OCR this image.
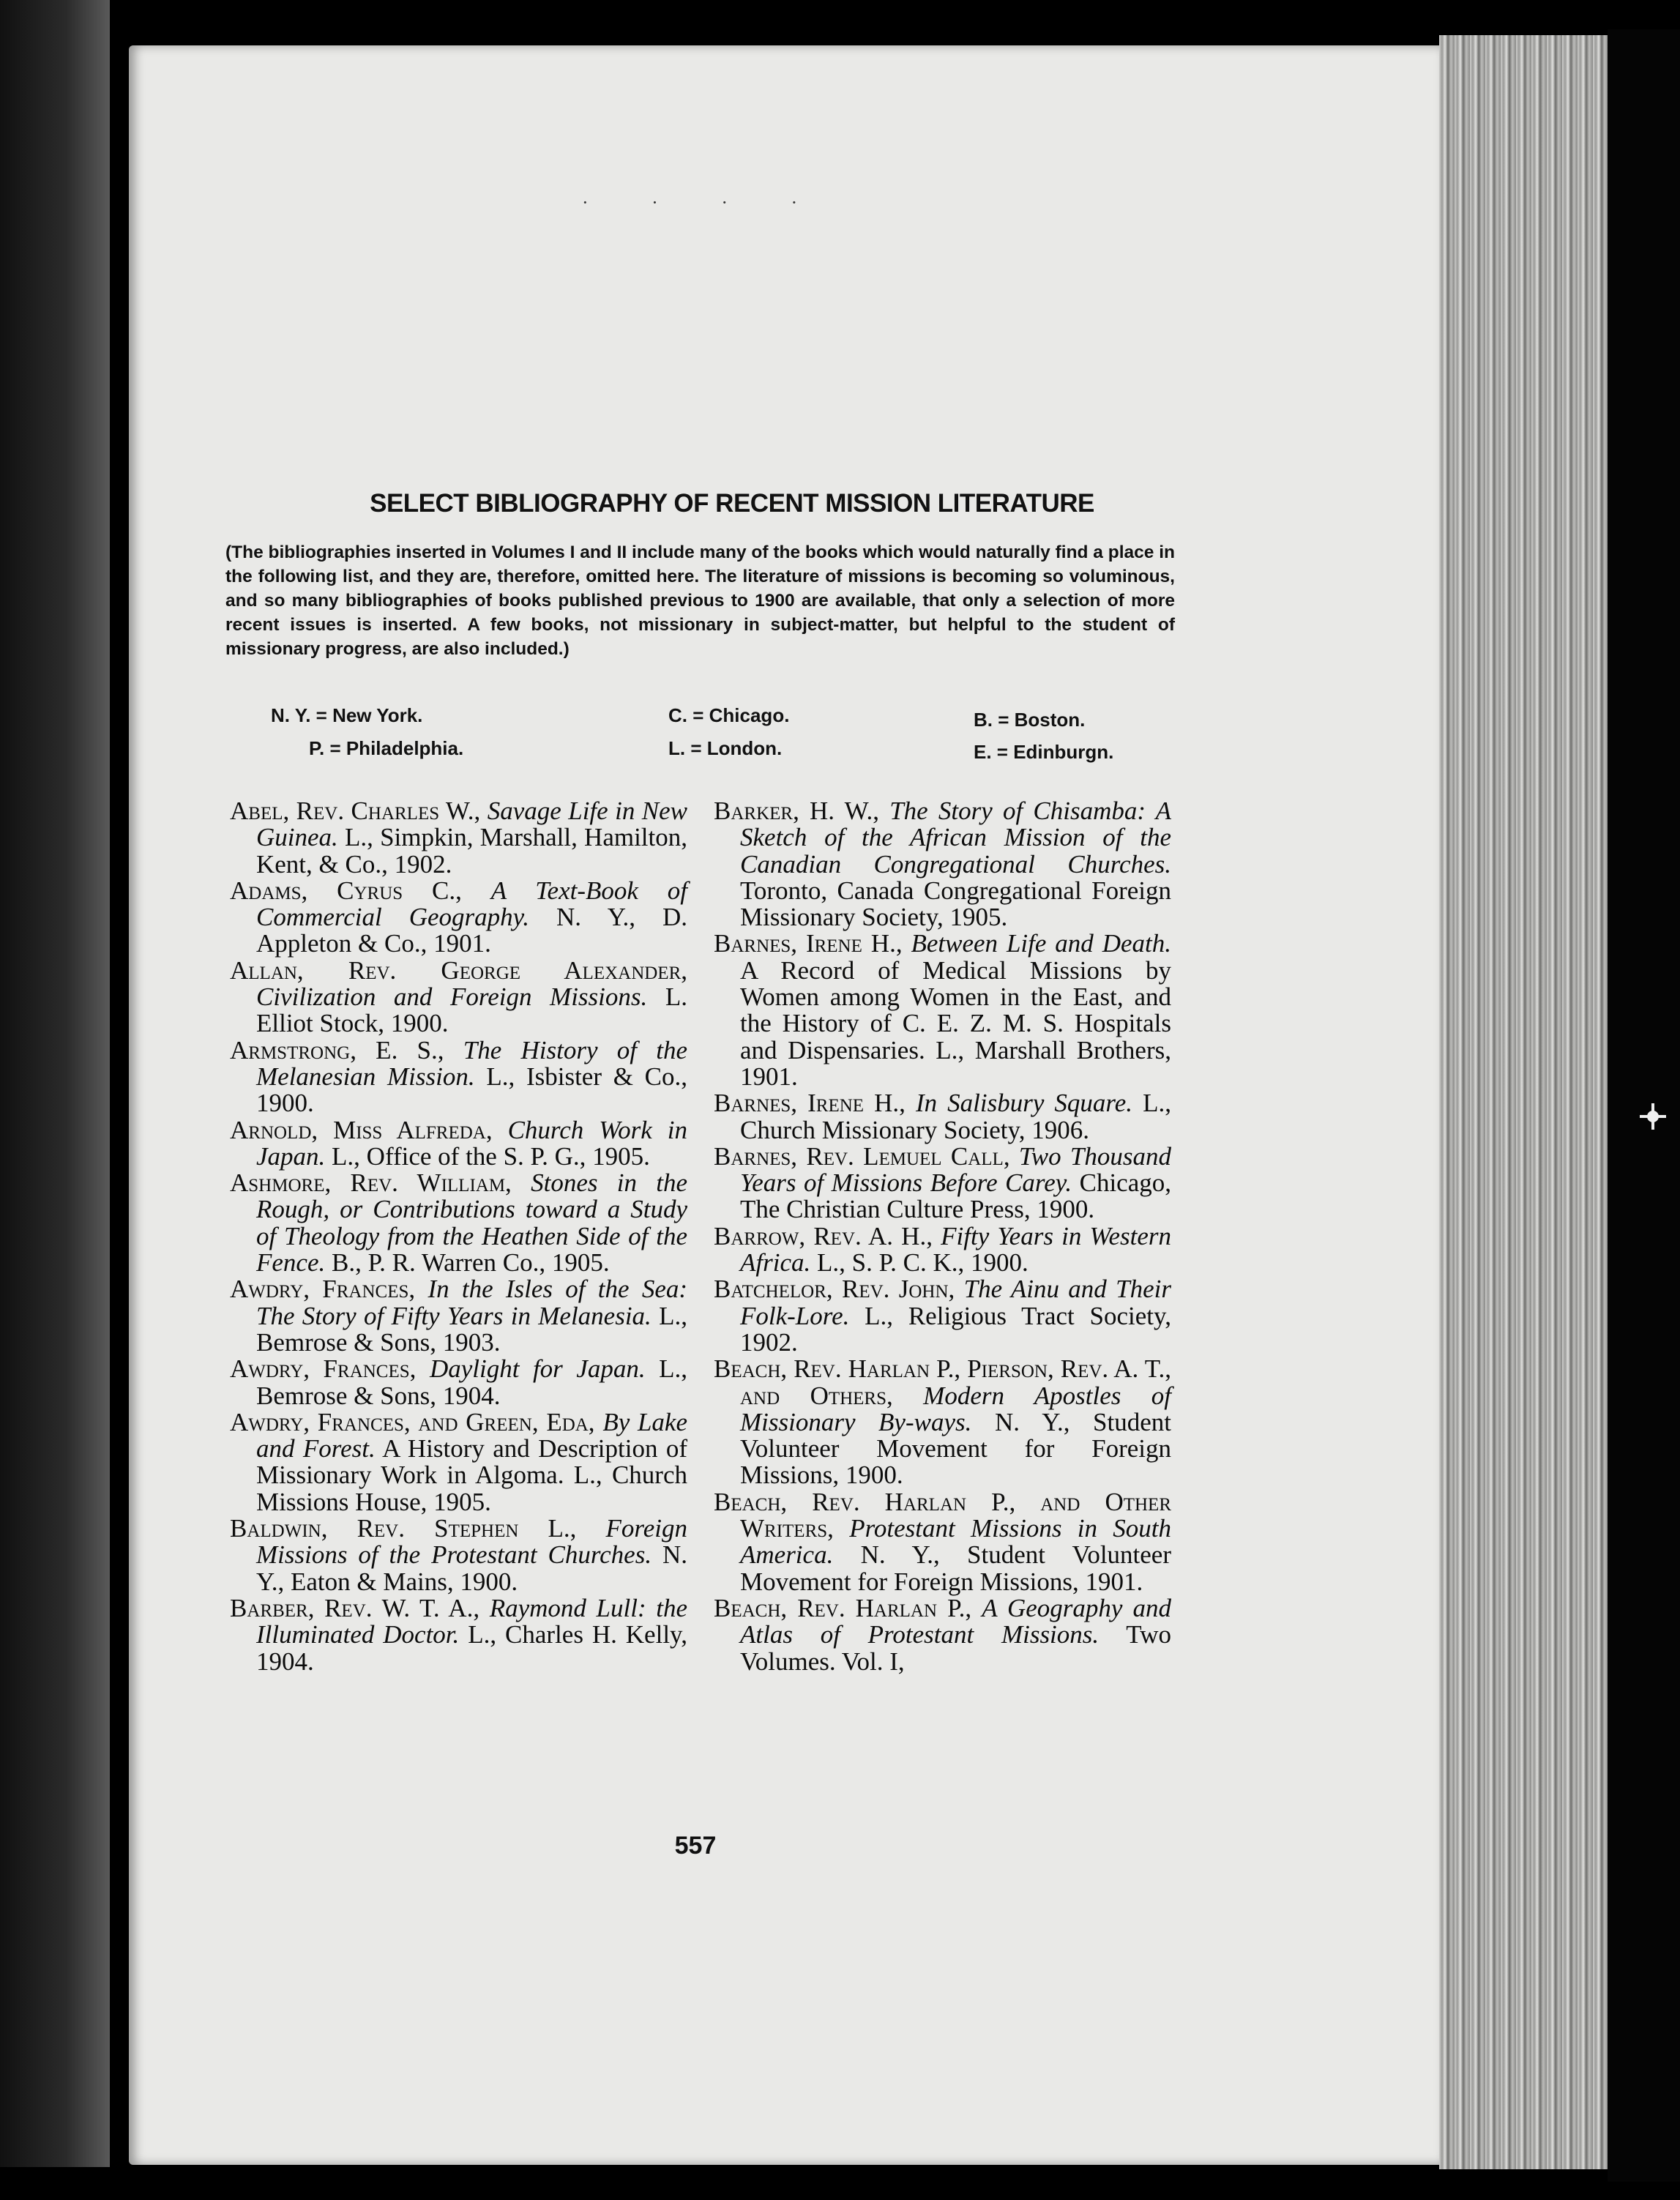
· · · ·
SELECT BIBLIOGRAPHY OF RECENT MISSION LITERATURE
(The bibliographies inserted in Volumes I and II include many of the books which would naturally find a place in the following list, and they are, therefore, omitted here. The literature of missions is becoming so voluminous, and so many bibliographies of books published previous to 1900 are available, that only a selection of more recent issues is inserted. A few books, not missionary in subject-matter, but helpful to the student of missionary progress, are also included.)
N. Y. = New York.	C. = Chicago.	B. = Boston.
P. = Philadelphia.	L. = London.	E. = Edinburgn.

Abel, Rev. Charles W., Savage Life in New Guinea. L., Simpkin, Marshall, Hamilton, Kent, & Co., 1902.

Adams, Cyrus C., A Text-Book of Commercial Geography. N. Y., D. Appleton & Co., 1901.

Allan, Rev. George Alexander, Civilization and Foreign Missions. L. Elliot Stock, 1900.

Armstrong, E. S., The History of the Melanesian Mission. L., Isbister & Co., 1900.

Arnold, Miss Alfreda, Church Work in Japan. L., Office of the S. P. G., 1905.

Ashmore, Rev. William, Stones in the Rough, or Contributions toward a Study of Theology from the Heathen Side of the Fence. B., P. R. Warren Co., 1905.

Awdry, Frances, In the Isles of the Sea: The Story of Fifty Years in Melanesia. L., Bemrose & Sons, 1903.

Awdry, Frances, Daylight for Japan. L., Bemrose & Sons, 1904.

Awdry, Frances, and Green, Eda, By Lake and Forest. A History and Description of Missionary Work in Algoma. L., Church Missions House, 1905.

Baldwin, Rev. Stephen L., Foreign Missions of the Protestant Churches. N. Y., Eaton & Mains, 1900.

Barber, Rev. W. T. A., Raymond Lull: the Illuminated Doctor. L., Charles H. Kelly, 1904.

Barker, H. W., The Story of Chisamba: A Sketch of the African Mission of the Canadian Congregational Churches. Toronto, Canada Congregational Foreign Missionary Society, 1905.

Barnes, Irene H., Between Life and Death. A Record of Medical Missions by Women among Women in the East, and the History of C. E. Z. M. S. Hospitals and Dispensaries. L., Marshall Brothers, 1901.

Barnes, Irene H., In Salisbury Square. L., Church Missionary Society, 1906.

Barnes, Rev. Lemuel Call, Two Thousand Years of Missions Before Carey. Chicago, The Christian Culture Press, 1900.

Barrow, Rev. A. H., Fifty Years in Western Africa. L., S. P. C. K., 1900.

Batchelor, Rev. John, The Ainu and Their Folk-Lore. L., Religious Tract Society, 1902.

Beach, Rev. Harlan P., Pierson, Rev. A. T., and Others, Modern Apostles of Missionary By-ways. N. Y., Student Volunteer Movement for Foreign Missions, 1900.

Beach, Rev. Harlan P., and Other Writers, Protestant Missions in South America. N. Y., Student Volunteer Movement for Foreign Missions, 1901.

Beach, Rev. Harlan P., A Geography and Atlas of Protestant Missions. Two Volumes. Vol. I,

557
